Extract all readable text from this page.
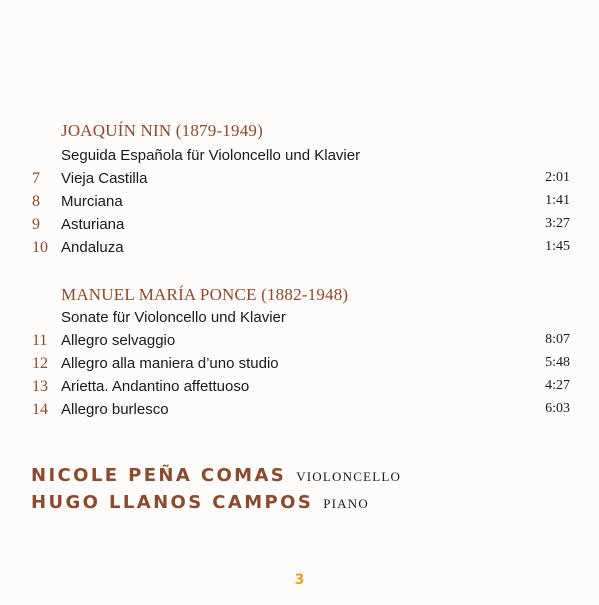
JOAQUÍN NIN (1879-1949)
Seguida Española für Violoncello und Klavier
7 Vieja Castilla	2:01
8 Murciana	1:41
9 Asturiana	3:27
10 Andaluza	1:45
MANUEL MARÍA PONCE (1882-1948)
Sonate für Violoncello und Klavier
11 Allegro selvaggio	8:07
12 Allegro alla maniera d’uno studio	5:48
13 Arietta. Andantino affettuoso	4:27
14 Allegro burlesco	6:03
NICOLE PEÑA COMAS VIOLONCELLO
HUGO LLANOS CAMPOS PIANO
3
